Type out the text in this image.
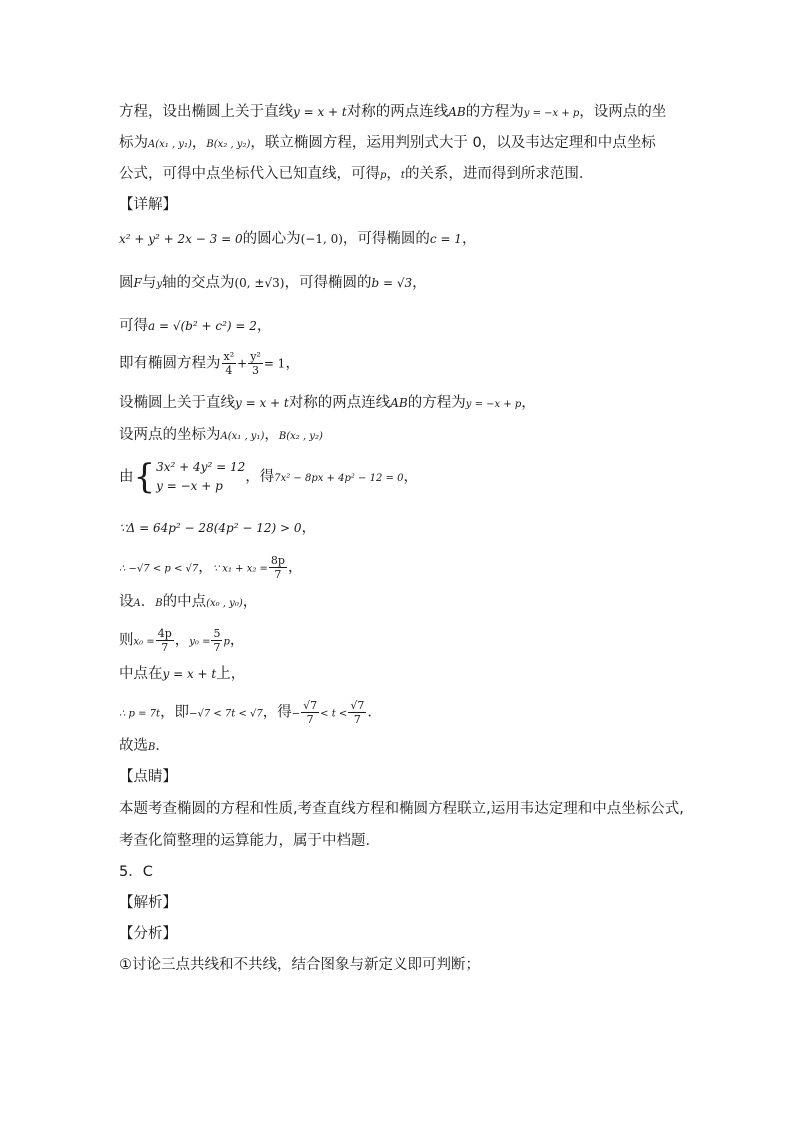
方程，设出椭圆上关于直线y = x + t对称的两点连线AB的方程为y = −x + p，设两点的坐
标为A(x₁ , y₁)，B(x₂ , y₂)，联立椭圆方程，运用判别式大于 0，以及韦达定理和中点坐标
公式，可得中点坐标代入已知直线，可得p，t的关系，进而得到所求范围．
【详解】
x² + y² + 2x − 3 = 0的圆心为(−1, 0)，可得椭圆的c = 1，
圆F与y轴的交点为(0, ±√3)，可得椭圆的b = √3，
可得a = √(b² + c²) = 2，
即有椭圆方程为 $\frac{\text{x²}}{4} + \frac{\text{y²}}{3} = 1$，
设椭圆上关于直线y = x + t对称的两点连线AB的方程为y = −x + p，
设两点的坐标为A(x₁ , y₁)，B(x₂ , y₂)
由{ 3x² + 4y² = 12
y = −x + p
，得7x² − 8px + 4p² − 12 = 0，
∵Δ = 64p² − 28(4p² − 12) > 0，
∴ −√7 < p < √7，∵ $x_1 + x_2 = \frac{8p}{7}$ ，
设A．B的中点(x₀ , y₀)，
则$x_0 = \frac{4p}{7}$ ，$y_0 = \frac{5}{7}$ p，
中点在y = x + t上，
∴ p = 7t，即−√7 < 7t < √7，得− $\frac{√7}{7} < t < \frac{√7}{7}$ ．
故选B．
【点睛】
本题考查椭圆的方程和性质,考查直线方程和椭圆方程联立,运用韦达定理和中点坐标公式,
考查化简整理的运算能力，属于中档题．
5．C
【解析】
【分析】
①讨论三点共线和不共线，结合图象与新定义即可判断；
